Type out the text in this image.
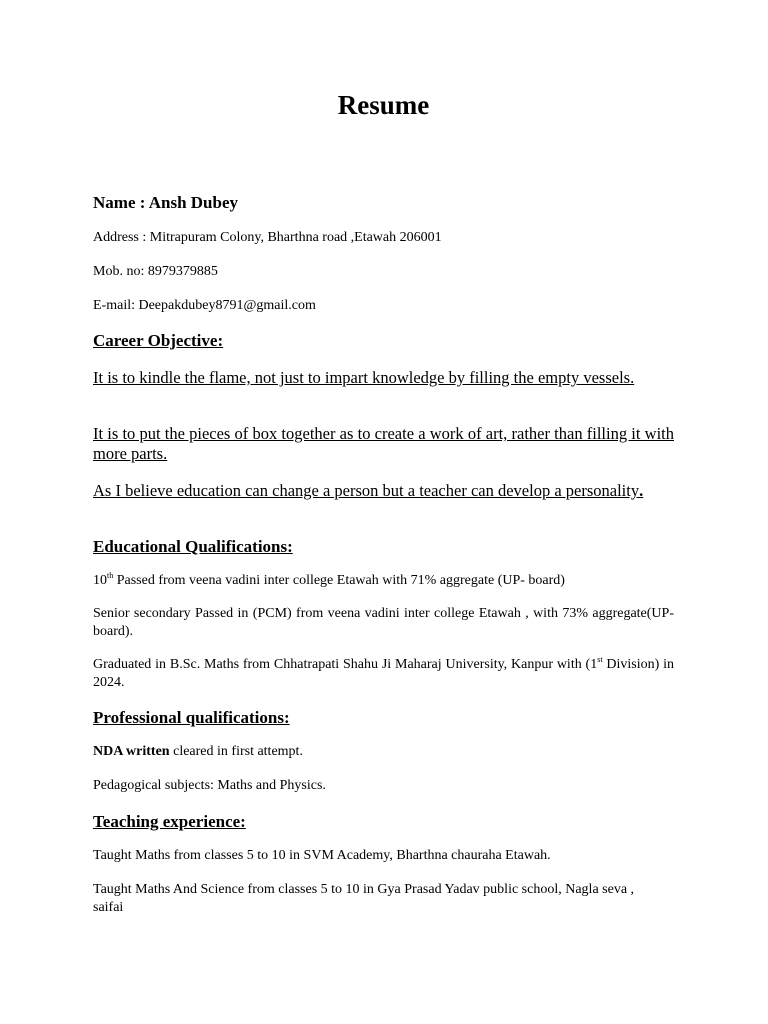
Resume
Name : Ansh Dubey
Address : Mitrapuram Colony, Bharthna road ,Etawah 206001
Mob. no: 8979379885
E-mail: Deepakdubey8791@gmail.com
Career Objective:
It is to kindle the flame, not just to impart knowledge by filling the empty vessels.
It is to put the pieces of box together as to create a work of art, rather than filling it with more parts.
As I believe education can change a person but a teacher can develop a personality.
Educational Qualifications:
10th Passed from veena vadini inter college Etawah with 71% aggregate (UP- board)
Senior secondary Passed in (PCM) from veena vadini inter college Etawah , with 73% aggregate(UP-board).
Graduated in B.Sc. Maths from Chhatrapati Shahu Ji Maharaj University, Kanpur with (1st Division) in 2024.
Professional qualifications:
NDA written cleared in first attempt.
Pedagogical subjects: Maths and Physics.
Teaching experience:
Taught Maths from classes 5 to 10 in SVM Academy, Bharthna chauraha Etawah.
Taught Maths And Science from classes 5 to 10 in Gya Prasad Yadav public school, Nagla seva , saifai
